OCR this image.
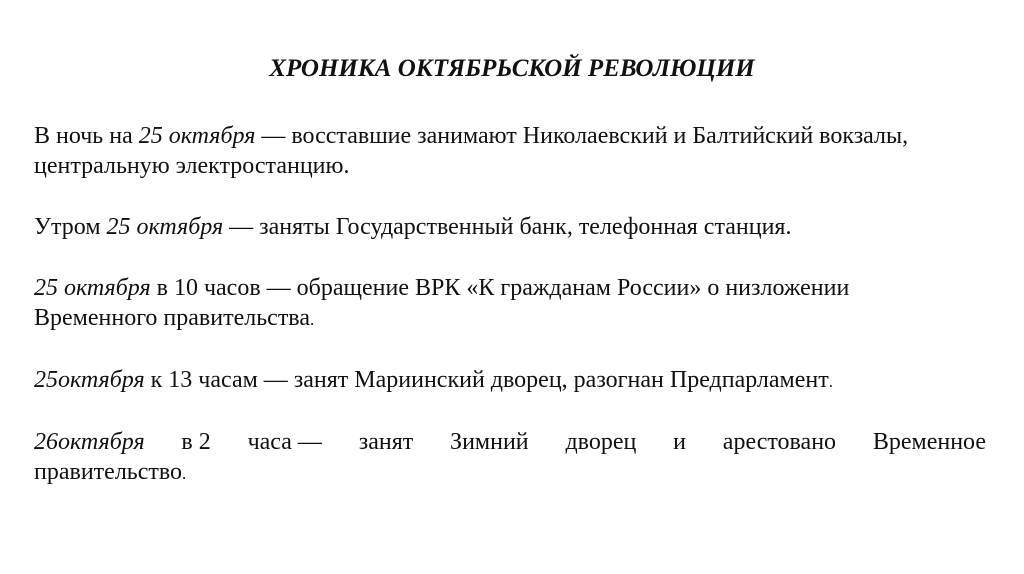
ХРОНИКА ОКТЯБРЬСКОЙ РЕВОЛЮЦИИ
В ночь на 25 октября — восставшие занимают Николаевский и Балтийский вокзалы,
центральную электростанцию.
Утром 25 октября — заняты Государственный банк, телефонная станция.
25 октября в 10 часов — обращение ВРК «К гражданам России» о низложении
Временного правительства.
25октября к 13 часам — занят Мариинский дворец, разогнан Предпарламент.
26октября в 2 часа — занят Зимний дворец и арестовано Временное
правительство.
